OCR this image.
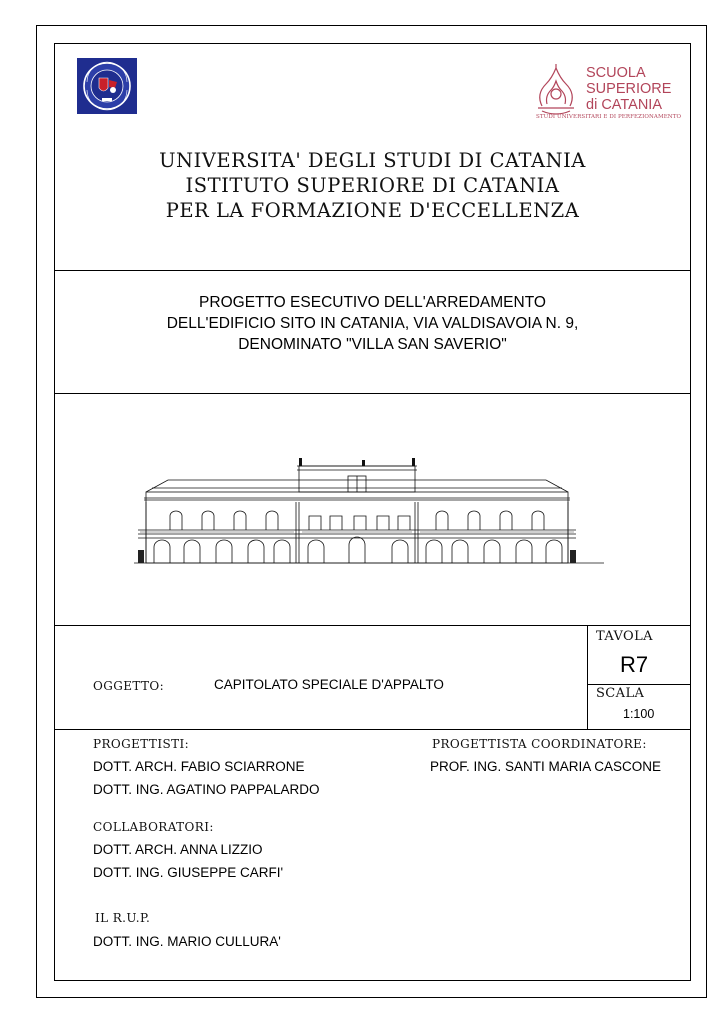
SCUOLA
SUPERIORE
di CATANIA
STUDI UNIVERSITARI E DI PERFEZIONAMENTO
UNIVERSITA' DEGLI STUDI DI CATANIA
ISTITUTO SUPERIORE DI CATANIA
PER LA FORMAZIONE D'ECCELLENZA
PROGETTO ESECUTIVO DELL'ARREDAMENTO
DELL'EDIFICIO SITO IN CATANIA, VIA VALDISAVOIA N. 9,
DENOMINATO "VILLA SAN SAVERIO"
OGGETTO:	CAPITOLATO SPECIALE D'APPALTO
TAVOLA
R7
SCALA
1:100
PROGETTISTI:
DOTT. ARCH. FABIO SCIARRONE
DOTT. ING. AGATINO PAPPALARDO
PROGETTISTA COORDINATORE:
PROF. ING. SANTI MARIA CASCONE
COLLABORATORI:
DOTT. ARCH. ANNA LIZZIO
DOTT. ING. GIUSEPPE CARFI'
IL R.U.P.
DOTT. ING. MARIO CULLURA'
